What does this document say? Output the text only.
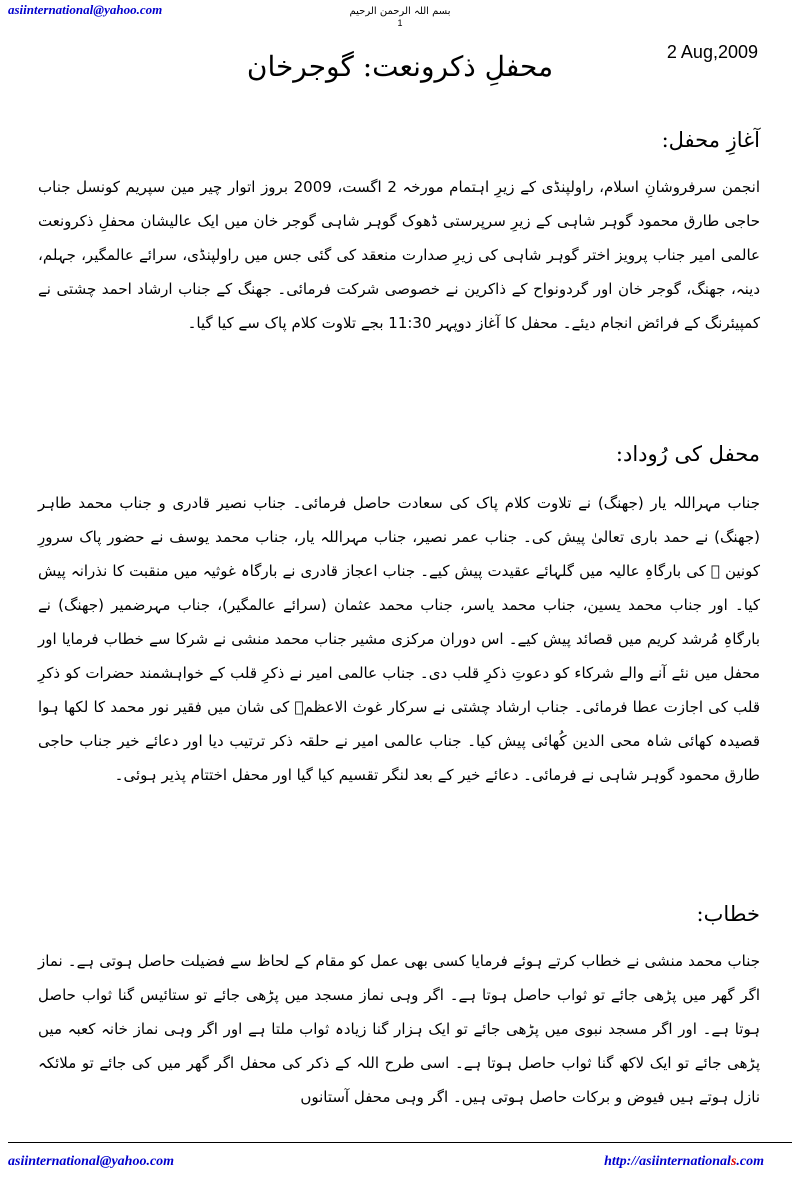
asiinternational@yahoo.com	بسم اللہ الرحمن الرحیم
1
2 Aug,2009
محفلِ ذکرونعت: گوجرخان
آغازِ محفل:

انجمن سرفروشانِ اسلام، راولپنڈی کے زیرِ اہتمام مورخہ 2 اگست، 2009 بروز اتوار چیر مین سپریم کونسل جناب حاجی طارق محمود گوہر شاہی کے زیرِ سرپرستی ڈھوک گوہر شاہی گوجر خان میں ایک عالیشان محفلِ ذکرونعت عالمی امیر جناب پرویز اختر گوہر شاہی کی زیرِ صدارت منعقد کی گئی جس میں راولپنڈی، سرائے عالمگیر، جہلم، دینہ، جھنگ، گوجر خان اور گردونواح کے ذاکرین نے خصوصی شرکت فرمائی۔ جھنگ کے جناب ارشاد احمد چشتی نے کمپیئرنگ کے فرائض انجام دیئے۔ محفل کا آغاز دوپہر 11:30 بجے تلاوت کلام پاک سے کیا گیا۔

محفل کی رُوداد:

جناب مہراللہ یار (جھنگ) نے تلاوت کلام پاک کی سعادت حاصل فرمائی۔ جناب نصیر قادری و جناب محمد طاہر (جھنگ) نے حمد باری تعالیٰ پیش کی۔ جناب عمر نصیر، جناب مہراللہ یار، جناب محمد یوسف نے حضور پاک سرورِ کونین ﷺ کی بارگاہِ عالیہ میں گلہائے عقیدت پیش کیے۔ جناب اعجاز قادری نے بارگاہ غوثیہ میں منقبت کا نذرانہ پیش کیا۔ اور جناب محمد یسین، جناب محمد یاسر، جناب محمد عثمان (سرائے عالمگیر)، جناب مہرضمیر (جھنگ) نے بارگاہِ مُرشد کریم میں قصائد پیش کیے۔ اس دوران مرکزی مشیر جناب محمد منشی نے شرکا سے خطاب فرمایا اور محفل میں نئے آنے والے شرکاء کو دعوتِ ذکرِ قلب دی۔ جناب عالمی امیر نے ذکرِ قلب کے خواہشمند حضرات کو ذکرِ قلب کی اجازت عطا فرمائی۔ جناب ارشاد چشتی نے سرکار غوث الاعظمؓ کی شان میں فقیر نور محمد کا لکھا ہوا قصیدہ کھائی شاہ محی الدین کُھائی پیش کیا۔ جناب عالمی امیر نے حلقہ ذکر ترتیب دیا اور دعائے خیر جناب حاجی طارق محمود گوہر شاہی نے فرمائی۔ دعائے خیر کے بعد لنگر تقسیم کیا گیا اور محفل اختتام پذیر ہوئی۔

خطاب:

جناب محمد منشی نے خطاب کرتے ہوئے فرمایا کسی بھی عمل کو مقام کے لحاظ سے فضیلت حاصل ہوتی ہے۔ نماز اگر گھر میں پڑھی جائے تو ثواب حاصل ہوتا ہے۔ اگر وہی نماز مسجد میں پڑھی جائے تو ستائیس گنا ثواب حاصل ہوتا ہے۔ اور اگر مسجد نبوی میں پڑھی جائے تو ایک ہزار گنا زیادہ ثواب ملتا ہے اور اگر وہی نماز خانہ کعبہ میں پڑھی جائے تو ایک لاکھ گنا ثواب حاصل ہوتا ہے۔ اسی طرح اللہ کے ذکر کی محفل اگر گھر میں کی جائے تو ملائکہ نازل ہوتے ہیں فیوض و برکات حاصل ہوتی ہیں۔ اگر وہی محفل آستانوں

asiinternational@yahoo.com	http://asiinternationals.com
